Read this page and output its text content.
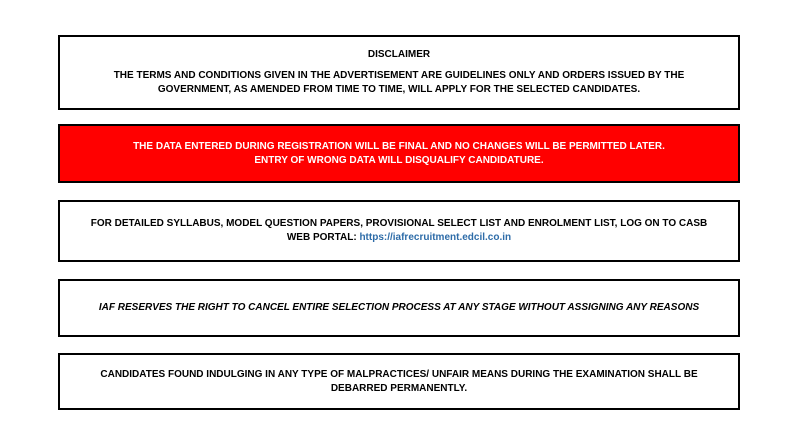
DISCLAIMER
THE TERMS AND CONDITIONS GIVEN IN THE ADVERTISEMENT ARE GUIDELINES ONLY AND ORDERS ISSUED BY THE
GOVERNMENT, AS AMENDED FROM TIME TO TIME, WILL APPLY FOR THE SELECTED CANDIDATES.
THE DATA ENTERED DURING REGISTRATION WILL BE FINAL AND NO CHANGES WILL BE PERMITTED LATER.
ENTRY OF WRONG DATA WILL DISQUALIFY CANDIDATURE.
FOR DETAILED SYLLABUS, MODEL QUESTION PAPERS, PROVISIONAL SELECT LIST AND ENROLMENT LIST, LOG ON TO CASB
WEB PORTAL: https://iafrecruitment.edcil.co.in
IAF RESERVES THE RIGHT TO CANCEL ENTIRE SELECTION PROCESS AT ANY STAGE WITHOUT ASSIGNING ANY REASONS
CANDIDATES FOUND INDULGING IN ANY TYPE OF MALPRACTICES/ UNFAIR MEANS DURING THE EXAMINATION SHALL BE
DEBARRED PERMANENTLY.
